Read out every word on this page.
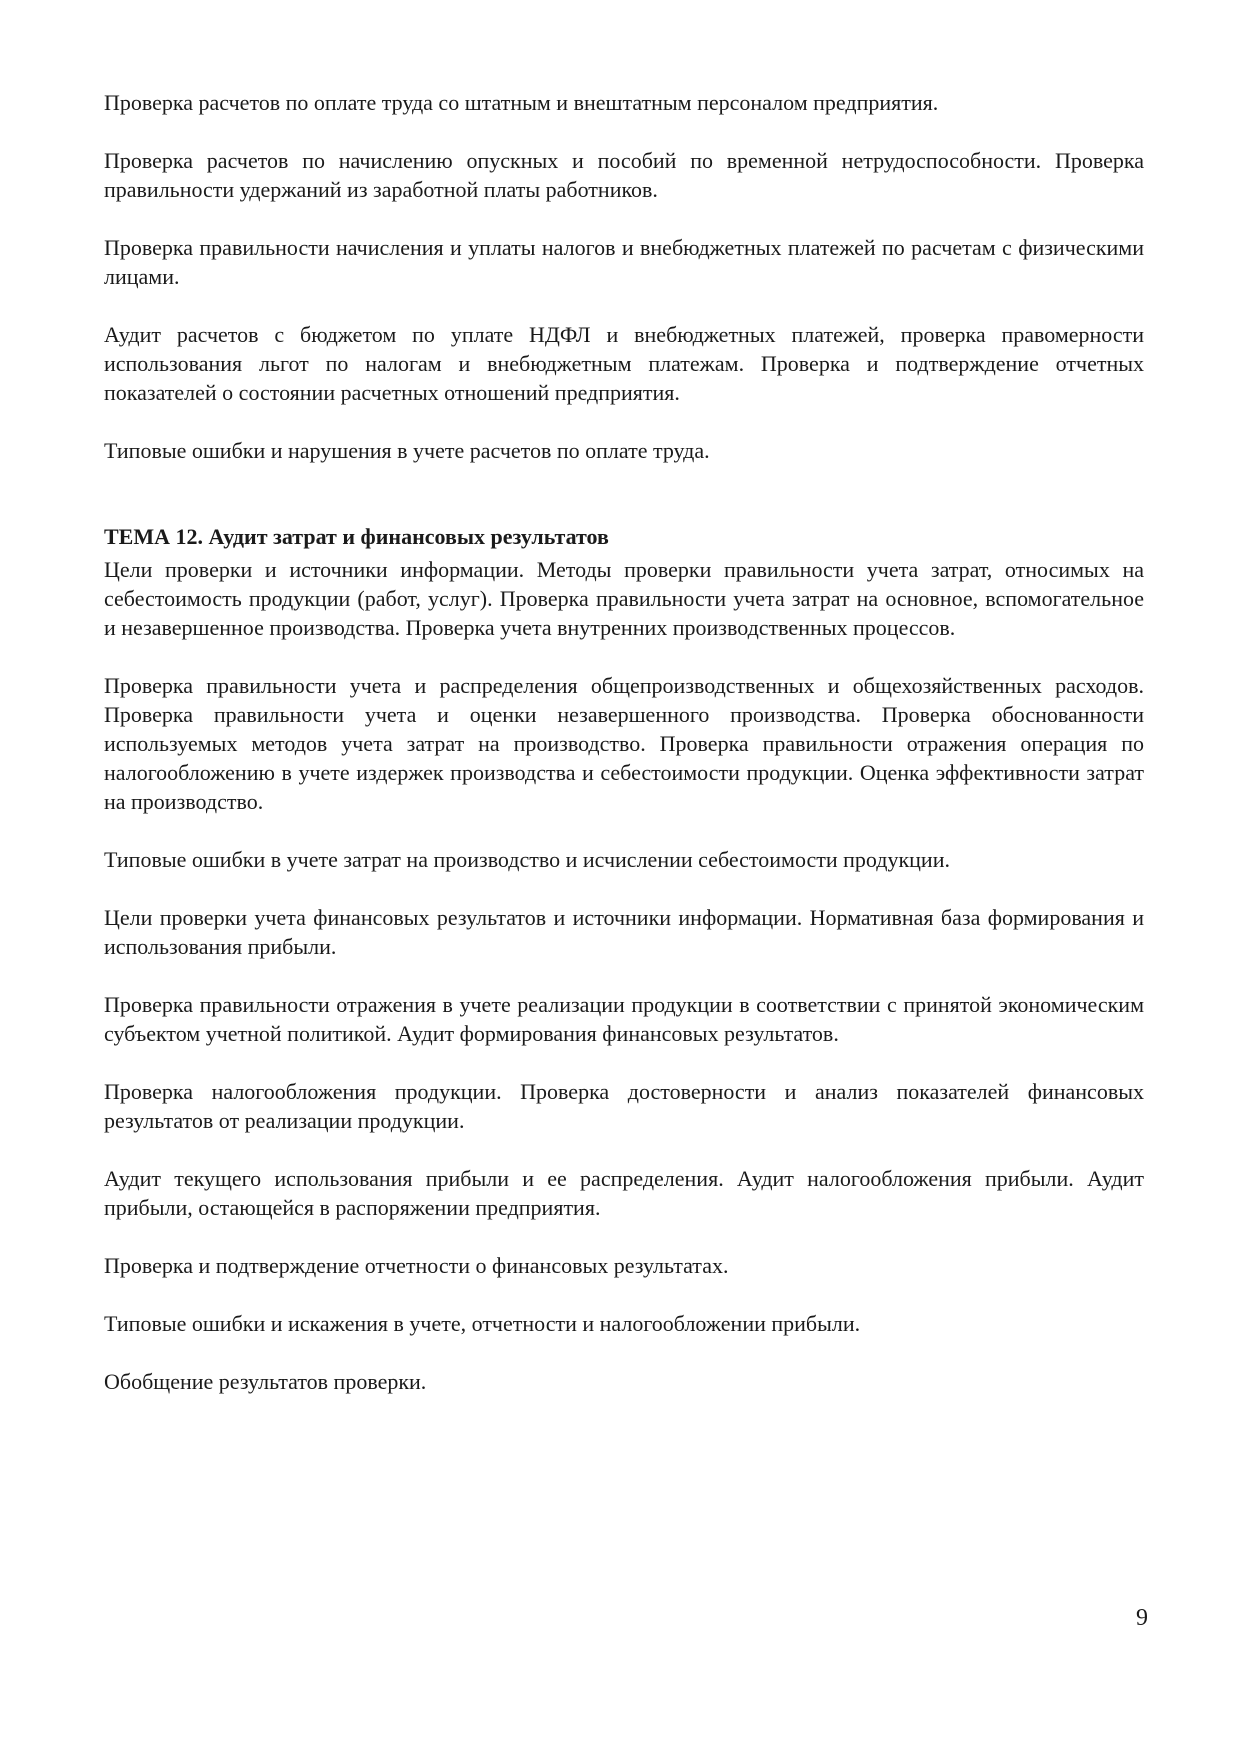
Проверка расчетов по оплате труда со штатным и внештатным персоналом предприятия.

Проверка расчетов по начислению опускных и пособий по временной нетрудоспособности. Проверка правильности удержаний из заработной платы работников.

Проверка правильности начисления и уплаты налогов и внебюджетных платежей по расчетам с физическими лицами.

Аудит расчетов с бюджетом по уплате НДФЛ и внебюджетных платежей, проверка правомерности использования льгот по налогам и внебюджетным платежам. Проверка и подтверждение отчетных показателей о состоянии расчетных отношений предприятия.

Типовые ошибки и нарушения в учете расчетов по оплате труда.

ТЕМА 12. Аудит затрат и финансовых результатов

Цели проверки и источники информации. Методы проверки правильности учета затрат, относимых на себестоимость продукции (работ, услуг). Проверка правильности учета затрат на основное, вспомогательное и незавершенное производства. Проверка учета внутренних производственных процессов.

Проверка правильности учета и распределения общепроизводственных и общехозяйственных расходов. Проверка правильности учета и оценки незавершенного производства. Проверка обоснованности используемых методов учета затрат на производство. Проверка правильности отражения операция по налогообложению в учете издержек производства и себестоимости продукции. Оценка эффективности затрат на производство.

Типовые ошибки в учете затрат на производство и исчислении себестоимости продукции.

Цели проверки учета финансовых результатов и источники информации. Нормативная база формирования и использования прибыли.

Проверка правильности отражения в учете реализации продукции в соответствии с принятой экономическим субъектом учетной политикой. Аудит формирования финансовых результатов.

Проверка налогообложения продукции. Проверка достоверности и анализ показателей финансовых результатов от реализации продукции.

Аудит текущего использования прибыли и ее распределения. Аудит налогообложения прибыли. Аудит прибыли, остающейся в распоряжении предприятия.

Проверка и подтверждение отчетности о финансовых результатах.

Типовые ошибки и искажения в учете, отчетности и налогообложении прибыли.

Обобщение результатов проверки.

9
